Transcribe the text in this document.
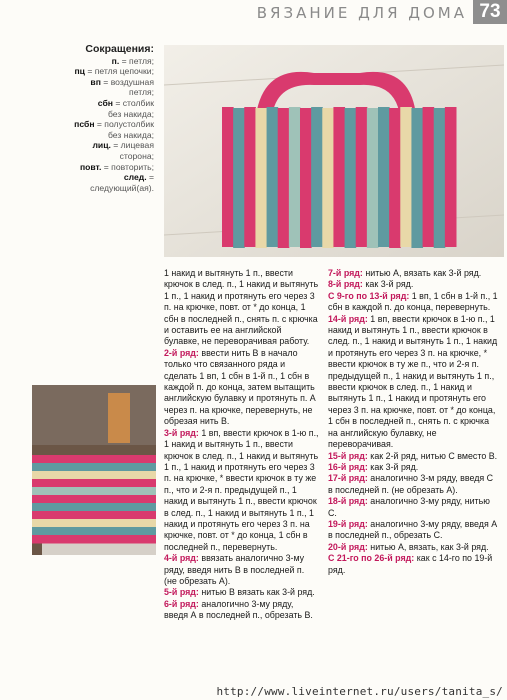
ВЯЗАНИЕ ДЛЯ ДОМА 73
Сокращения:
п. = петля;
пц = петля цепочки;
вп = воздушная петля;
сбн = столбик
без накида;
псбн = полустолбик
без накида;
лиц. = лицевая сторона;
повт. = повторить;
след. = следующий(ая).

1 накид и вытянуть 1 п., ввести крючок в след. п., 1 накид и вытянуть 1 п., 1 накид и протянуть его через 3 п. на крючке, повт. от * до конца, 1 сбн в последней п., снять п. с крючка и оставить ее на английской булавке, не переворачивая работу.

2-й ряд: ввести нить В в начало только что связанного ряда и сделать 1 вп, 1 сбн в 1-й п., 1 сбн в каждой п. до конца, затем вытащить английскую булавку и протянуть п. А через п. на крючке, перевернуть, не обрезая нить В.

3-й ряд: 1 вп, ввести крючок в 1-ю п., 1 накид и вытянуть 1 п., ввести крючок в след. п., 1 накид и вытянуть 1 п., 1 накид и протянуть его через 3 п. на крючке, * ввести крючок в ту же п., что и 2-я п. предыдущей п., 1 накид и вытянуть 1 п., ввести крючок в след. п., 1 накид и вытянуть 1 п., 1 накид и протянуть его через 3 п. на крючке, повт. от * до конца, 1 сбн в последней п., перевернуть.

4-й ряд: ввязать аналогично 3-му ряду, введя нить В в последней п. (не обрезать А).

5-й ряд: нитью В вязать как 3-й ряд.

6-й ряд: аналогично 3-му ряду, введя А в последней п., обрезать В.

7-й ряд: нитью А, вязать как 3-й ряд.

8-й ряд: как 3-й ряд.

С 9-го по 13-й ряд: 1 вп, 1 сбн в 1-й п., 1 сбн в каждой п. до конца, перевернуть.

14-й ряд: 1 вп, ввести крючок в 1-ю п., 1 накид и вытянуть 1 п., ввести крючок в след. п., 1 накид и вытянуть 1 п., 1 накид и протянуть его через 3 п. на крючке, * ввести крючок в ту же п., что и 2-я п. предыдущей п., 1 накид и вытянуть 1 п., ввести крючок в след. п., 1 накид и вытянуть 1 п., 1 накид и протянуть его через 3 п. на крючке, повт. от * до конца, 1 сбн в последней п., снять п. с крючка на английскую булавку, не переворачивая.

15-й ряд: как 2-й ряд, нитью С вместо В.

16-й ряд: как 3-й ряд.

17-й ряд: аналогично 3-м ряду, введя С в последней п. (не обрезать А).

18-й ряд: аналогично 3-му ряду, нитью С.

19-й ряд: аналогично 3-му ряду, введя А в последней п., обрезать С.

20-й ряд: нитью А, вязать, как 3-й ряд.

С 21-го по 26-й ряд: как с 14-го по 19-й ряд.

http://www.liveinternet.ru/users/tanita_s/
